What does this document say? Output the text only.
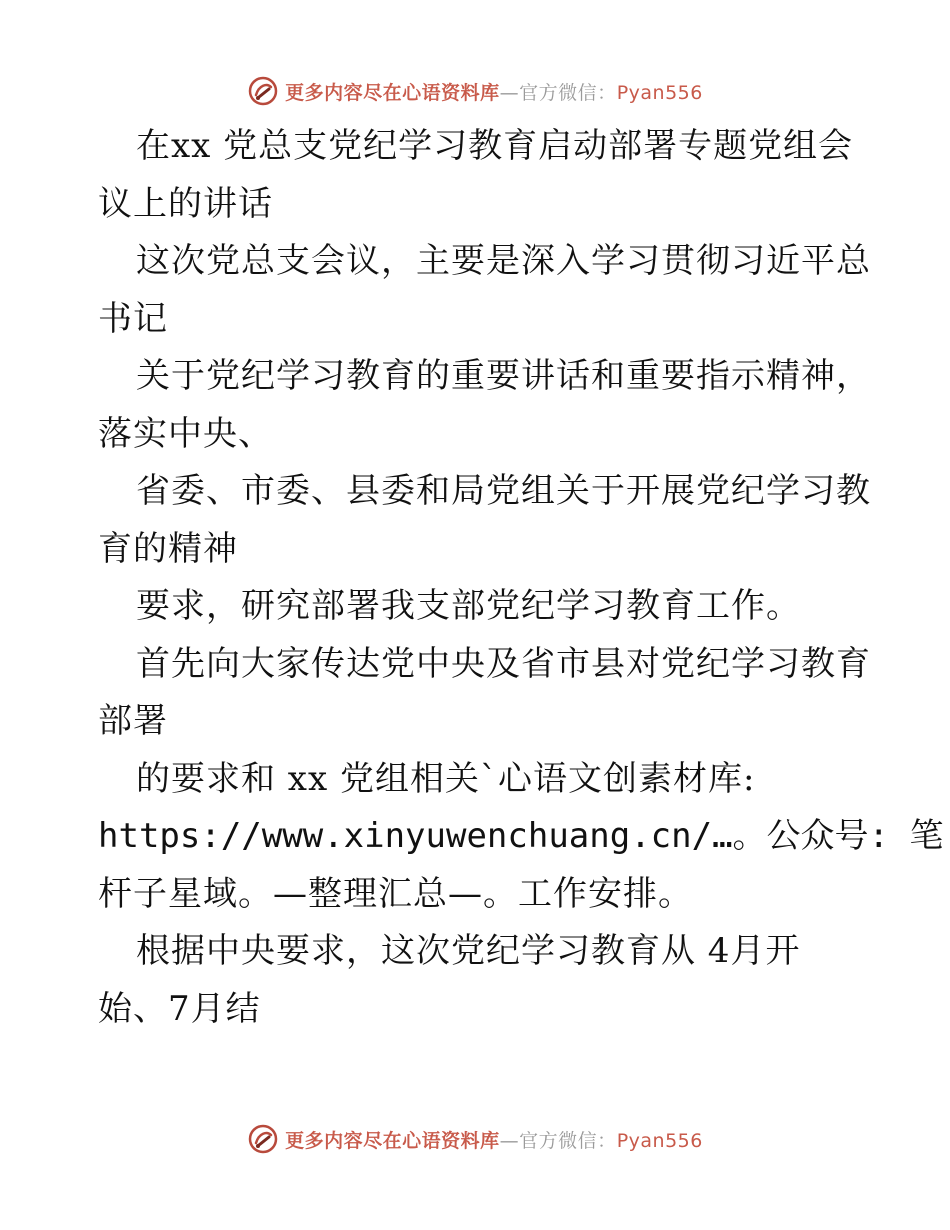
更多内容尽在心语资料库—官方微信：Pyan556
在xx 党总支党纪学习教育启动部署专题党组会
议上的讲话
这次党总支会议，主要是深入学习贯彻习近平总
书记
关于党纪学习教育的重要讲话和重要指示精神，
落实中央、
省委、市委、县委和局党组关于开展党纪学习教
育的精神
要求，研究部署我支部党纪学习教育工作。
首先向大家传达党中央及省市县对党纪学习教育
部署
的要求和 xx 党组相关`心语文创素材库:
https://www.xinyuwenchuang.cn/…。公众号: 笔
杆子星域。—整理汇总—。工作安排。
根据中央要求，这次党纪学习教育从 4月开
始、7月结
更多内容尽在心语资料库—官方微信：Pyan556
